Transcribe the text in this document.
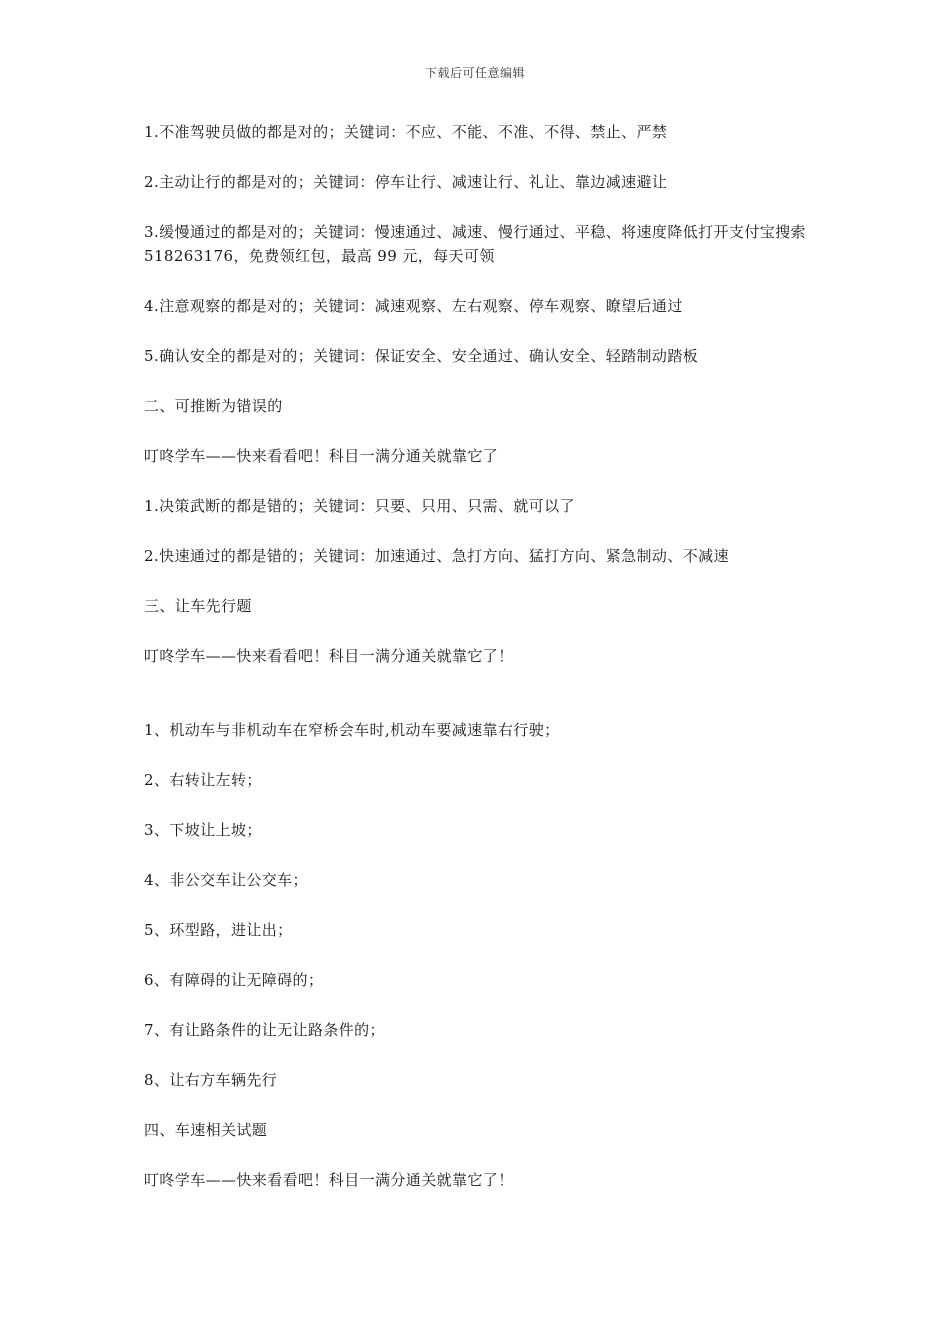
下载后可任意编辑

1.不准驾驶员做的都是对的；关键词：不应、不能、不准、不得、禁止、严禁

2.主动让行的都是对的；关键词：停车让行、减速让行、礼让、靠边减速避让

3.缓慢通过的都是对的；关键词：慢速通过、减速、慢行通过、平稳、将速度降低打开支付宝搜索 518263176，免费领红包，最高 99 元，每天可领

4.注意观察的都是对的；关键词：减速观察、左右观察、停车观察、瞭望后通过

5.确认安全的都是对的；关键词：保证安全、安全通过、确认安全、轻踏制动踏板

二、可推断为错误的

叮咚学车——快来看看吧！科目一满分通关就靠它了

1.决策武断的都是错的；关键词：只要、只用、只需、就可以了

2.快速通过的都是错的；关键词：加速通过、急打方向、猛打方向、紧急制动、不减速

三、让车先行题

叮咚学车——快来看看吧！科目一满分通关就靠它了！

1、机动车与非机动车在窄桥会车时,机动车要减速靠右行驶；

2、右转让左转；

3、下坡让上坡；

4、非公交车让公交车；

5、环型路，进让出；

6、有障碍的让无障碍的；

7、有让路条件的让无让路条件的；

8、让右方车辆先行

四、车速相关试题

叮咚学车——快来看看吧！科目一满分通关就靠它了！
